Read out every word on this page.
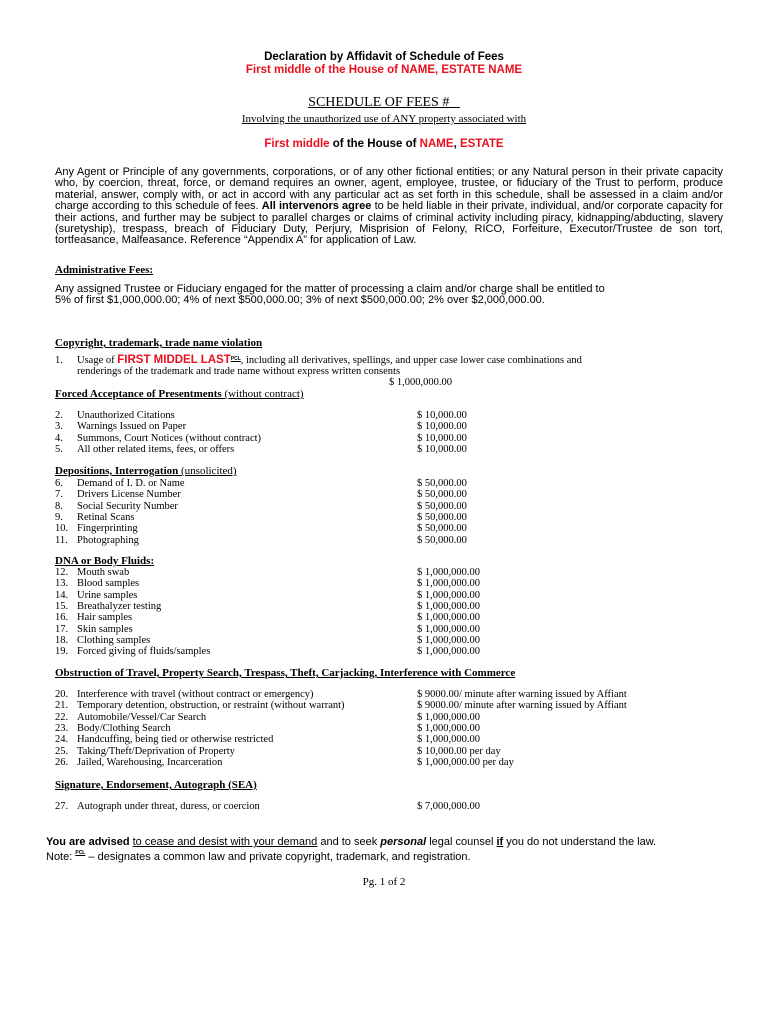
Declaration by Affidavit of Schedule of Fees
First middle of the House of NAME, ESTATE NAME
SCHEDULE OF FEES #
Involving the unauthorized use of ANY property associated with
First middle of the House of NAME, ESTATE
Any Agent or Principle of any governments, corporations, or of any other fictional entities; or any Natural person in their private capacity who, by coercion, threat, force, or demand requires an owner, agent, employee, trustee, or fiduciary of the Trust to perform, produce material, answer, comply with, or act in accord with any particular act as set forth in this schedule, shall be assessed in a claim and/or charge according to this schedule of fees. All intervenors agree to be held liable in their private, individual, and/or corporate capacity for their actions, and further may be subject to parallel charges or claims of criminal activity including piracy, kidnapping/abducting, slavery (suretyship), trespass, breach of Fiduciary Duty, Perjury, Misprision of Felony, RICO, Forfeiture, Executor/Trustee de son tort, tortfeasance, Malfeasance. Reference “Appendix A” for application of Law.
Administrative Fees:
Any assigned Trustee or Fiduciary engaged for the matter of processing a claim and/or charge shall be entitled to 5% of first $1,000,000.00; 4% of next $500,000.00; 3% of next $500,000.00; 2% over $2,000,000.00.
Copyright, trademark, trade name violation
1. Usage of FIRST MIDDEL $LAST^{PCL}$, including all derivatives, spellings, and upper case lower case combinations and
renderings of the trademark and trade name without express written consents
$ 1,000,000.00
Forced Acceptance of Presentments (without contract)
2. Unauthorized Citations	$ 10,000.00
3. Warnings Issued on Paper	$ 10,000.00
4. Summons, Court Notices (without contract)	$ 10,000.00
5. All other related items, fees, or offers	$ 10,000.00
Depositions, Interrogation (unsolicited)
6. Demand of I. D. or Name	$ 50,000.00
7. Drivers License Number	$ 50,000.00
8. Social Security Number	$ 50,000.00
9. Retinal Scans	$ 50,000.00
10. Fingerprinting	$ 50,000.00
11. Photographing	$ 50,000.00
DNA or Body Fluids:
12. Mouth swab	$ 1,000,000.00
13. Blood samples	$ 1,000,000.00
14. Urine samples	$ 1,000,000.00
15. Breathalyzer testing	$ 1,000,000.00
16. Hair samples	$ 1,000,000.00
17. Skin samples	$ 1,000,000.00
18. Clothing samples	$ 1,000,000.00
19. Forced giving of fluids/samples	$ 1,000,000.00
Obstruction of Travel, Property Search, Trespass, Theft, Carjacking, Interference with Commerce
20. Interference with travel (without contract or emergency)	$ 9000.00/ minute after warning issued by Affiant
21. Temporary detention, obstruction, or restraint (without warrant)	$ 9000.00/ minute after warning issued by Affiant
22. Automobile/Vessel/Car Search	$ 1,000,000.00
23. Body/Clothing Search	$ 1,000,000.00
24. Handcuffing, being tied or otherwise restricted	$ 1,000,000.00
25. Taking/Theft/Deprivation of Property	$ 10,000.00 per day
26. Jailed, Warehousing, Incarceration	$ 1,000,000.00 per day
Signature, Endorsement, Autograph (SEA)
27. Autograph under threat, duress, or coercion	$ 7,000,000.00
You are advised to cease and desist with your demand and to seek personal legal counsel if you do not understand the law.
Note: $^{PCL}$ – designates a common law and private copyright, trademark, and registration.
Pg. 1 of 2
